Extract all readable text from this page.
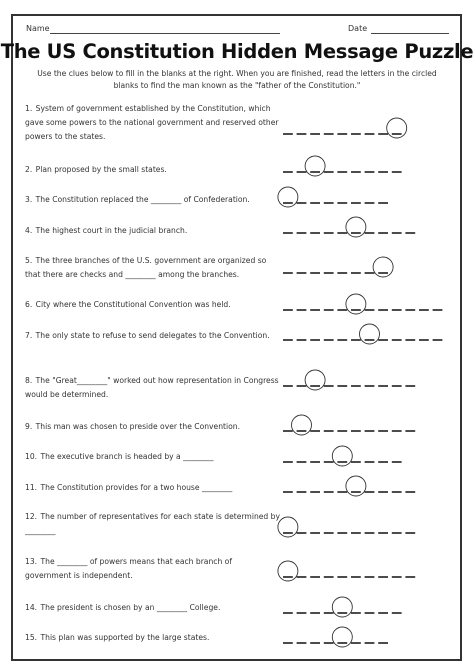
Name	Date
The US Constitution Hidden Message Puzzle
Use the clues below to fill in the blanks at the right. When you are finished, read the letters in the circled blanks to find the man known as the "father of the Constitution."
1. System of government established by the Constitution, which gave some powers to the national government and reserved other powers to the states.
2. Plan proposed by the small states.
3. The Constitution replaced the ________ of Confederation.
4. The highest court in the judicial branch.
5. The three branches of the U.S. government are organized so that there are checks and ________ among the branches.
6. City where the Constitutional Convention was held.
7. The only state to refuse to send delegates to the Convention.
8. The "Great________" worked out how representation in Congress would be determined.
9. This man was chosen to preside over the Convention.
10. The executive branch is headed by a ________
11. The Constitution provides for a two house ________
12. The number of representatives for each state is determined by ________
13. The ________ of powers means that each branch of government is independent.
14. The president is chosen by an ________ College.
15. This plan was supported by the large states.
